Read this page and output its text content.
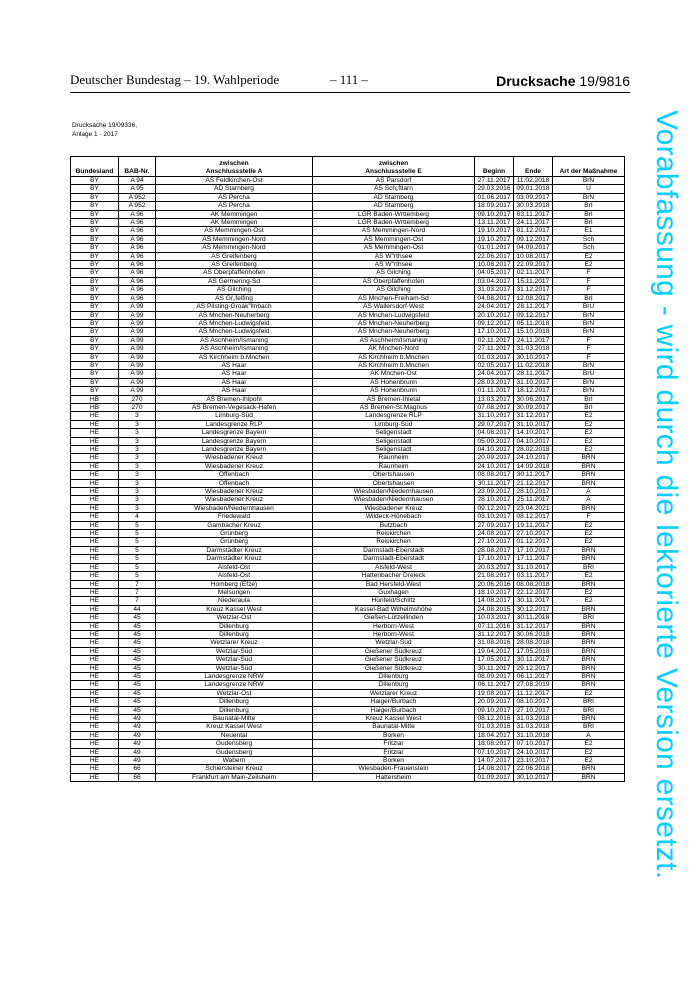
Deutscher Bundestag – 19. Wahlperiode	– 111 –	Drucksache 19/9816
Drucksache 19/09336,
Anlage 1 - 2017
Bundesland	BAB-Nr.	zwischen
Anschlussstelle A	zwischen
Anschlussstelle E	Beginn	Ende	Art der Maßnahme
BY	A 94	AS Feldkirchen-Ost	AS Parsdorf	27.11.2017	11.02.2018	BrN
BY	A 95	AD Starnberg	AS Sch„ftlarn	29.03.2016	09.01.2018	U
BY	A 952	AS Percha	AD Starnberg	01.06.2017	03.09.2017	BrN
BY	A 952	AS Percha	AD Starnberg	18.09.2017	30.03.2018	BrI
BY	A 96	AK Memmingen	LGR Baden-Wrttemberg	09.10.2017	03.11.2017	BrI
BY	A 96	AK Memmingen	LGR Baden-Wrttemberg	13.11.2017	24.11.2017	BrI
BY	A 96	AS Memmingen-Ost	AS Memmingen-Nord	19.10.2017	01.12.2017	E1
BY	A 96	AS Memmingen-Nord	AS Memmingen-Ost	19.10.2017	09.12.2017	Sch
BY	A 96	AS Memmingen-Nord	AS Memmingen-Ost	01.01.2017	04.09.2017	Sch
BY	A 96	AS Greifenberg	AS W"rthsee	22.06.2017	10.08.2017	E2
BY	A 96	AS Greifenberg	AS W"rthsee	10.08.2017	22.09.2017	E2
BY	A 96	AS Oberpfaffenhofen	AS Gilching	04.05.2017	02.11.2017	F
BY	A 96	AS Germering-Sd	AS Oberpfaffenhofen	03.04.2017	15.11.2017	F
BY	A 96	AS Gilching	AS Gilching	31.03.2017	31.12.2017	F
BY	A 96	AS Gr„felfing	AS Mnchen-Freiham-Sd	04.08.2017	12.08.2017	BrI
BY	A 99	AS Pilsting-Groák"llnbach	AS Wallersdorf-West	24.04.2017	28.11.2017	BrU
BY	A 99	AS Mnchen-Neuherberg	AS Mnchen-Ludwigsfeld	20.10.2017	09.12.2017	BrN
BY	A 99	AS Mnchen-Ludwigsfeld	AS Mnchen-Neuherberg	09.12.2017	05.11.2018	BrN
BY	A 99	AS Mnchen-Ludwigsfeld	AS Mnchen-Neuherberg	17.10.2017	15.10.2018	BrN
BY	A 99	AS Aschheim/Ismaning	AS Aschheim/Ismaning	02.11.2017	24.11.2017	F
BY	A 99	AS Aschheim/Ismaning	AK Mnchen-Nord	27.11.2017	31.03.2018	F
BY	A 99	AS Kirchheim b.Mnchen	AS Kirchheim b.Mnchen	01.03.2017	30.10.2017	F
BY	A 99	AS Haar	AS Kirchheim b.Mnchen	02.05.2017	11.02.2018	BrN
BY	A 99	AS Haar	AK Mnchen-Ost	24.04.2017	28.11.2017	BrU
BY	A 99	AS Haar	AS Hohenbrunn	28.03.2017	31.10.2017	BrN
BY	A 99	AS Haar	AS Hohenbrunn	01.11.2017	18.12.2017	BrN
HB	270	AS Bremen-Ihlpohl	AS Bremen-Ihletal	13.03.2017	30.06.2017	BrI
HB	270	AS Bremen-Vegesack-Hafen	AS Bremen-St.Magnus	07.08.2017	30.09.2017	BrI
HE	3	Limburg-Süd	Landesgrenze RLP	31.10.2017	31.12.2017	E2
HE	3	Landesgrenze RLP	Limburg-Süd	29.07.2017	31.10.2017	E2
HE	3	Landesgrenze Bayern	Seligenstadt	04.08.2017	14.10.2017	E2
HE	3	Landesgrenze Bayern	Seligenstadt	05.09.2017	04.10.2017	E2
HE	3	Landesgrenze Bayern	Seligenstadt	04.10.2017	28.02.2018	E2
HE	3	Wiesbadener Kreuz	Raunheim	20.09.2017	24.10.2017	BRN
HE	3	Wiesbadener Kreuz	Raunheim	24.10.2017	14.09.2018	BRN
HE	3	Offenbach	Obertshausen	08.08.2017	30.11.2017	BRN
HE	3	Offenbach	Obertshausen	30.11.2017	21.12.2017	BRN
HE	3	Wiesbadener Kreuz	Wiesbaden/Niedernhausen	23.09.2017	28.10.2017	A
HE	3	Wiesbadener Kreuz	Wiesbaden/Niedernhausen	28.10.2017	25.11.2017	A
HE	3	Wiesbaden/Niedernhausen	Wiesbadener Kreuz	09.12.2017	23.04.2021	BRN
HE	4	Friedewald	Wildeck-Hönebach	03.10.2017	08.12.2017	F
HE	5	Gambacher Kreuz	Butzbach	27.09.2017	19.11.2017	E2
HE	5	Grünberg	Reiskirchen	24.08.2017	27.10.2017	E2
HE	5	Grünberg	Reiskirchen	27.10.2017	01.12.2017	E2
HE	5	Darmstädter Kreuz	Darmstadt-Eberstadt	28.08.2017	17.10.2017	BRN
HE	5	Darmstädter Kreuz	Darmstadt-Eberstadt	17.10.2017	17.11.2017	BRN
HE	5	Alsfeld-Ost	Alsfeld-West	20.03.2017	31.10.2017	BRI
HE	5	Alsfeld-Ost	Hattenbacher Dreieck	21.08.2017	03.11.2017	E2
HE	7	Homberg (Efze)	Bad Hersfeld-West	20.06.2016	08.08.2018	BRN
HE	7	Melsungen	Guxhagen	18.10.2017	22.12.2017	E2
HE	7	Niederaula	Hünfeld/Schlitz	14.08.2017	30.11.2017	E2
HE	44	Kreuz Kassel West	Kassel-Bad Wilhelmshöhe	24.08.2015	30.12.2017	BRN
HE	45	Wetzlar-Ost	Gießen-Lützellinden	10.03.2017	30.11.2018	BRI
HE	45	Dillenburg	Herborn-West	07.11.2016	31.12.2017	BRN
HE	45	Dillenburg	Herborn-West	31.12.2017	30.06.2018	BRN
HE	45	Wetzlarer Kreuz	Wetzlar-Süd	31.08.2016	28.08.2018	BRN
HE	45	Wetzlar-Süd	Gießener Südkreuz	19.04.2017	17.05.2018	BRN
HE	45	Wetzlar-Süd	Gießener Südkreuz	17.05.2017	30.11.2017	BRN
HE	45	Wetzlar-Süd	Gießener Südkreuz	30.11.2017	29.12.2017	BRN
HE	45	Landesgrenze NRW	Dillenburg	08.09.2017	06.11.2017	BRN
HE	45	Landesgrenze NRW	Dillenburg	06.11.2017	27.08.2019	BRN
HE	45	Wetzlar-Ost	Wetzlarer Kreuz	19.08.2017	11.12.2017	E2
HE	45	Dillenburg	Haiger/Burbach	20.09.2017	08.10.2017	BRI
HE	45	Dillenburg	Haiger/Burbach	09.10.2017	27.10.2017	BRI
HE	49	Baunatal-Mitte	Kreuz Kassel West	08.12.2016	31.03.2018	BRN
HE	49	Kreuz Kassel West	Baunatal-Mitte	01.03.2016	31.03.2018	BRI
HE	49	Neuental	Borken	18.04.2017	31.10.2018	A
HE	49	Gudensberg	Fritzlar	18.08.2017	07.10.2017	E2
HE	49	Gudensberg	Fritzlar	07.10.2017	24.10.2017	E2
HE	49	Wabern	Borken	14.07.2017	23.10.2017	E2
HE	66	Schiersteiner Kreuz	Wiesbaden-Frauenstein	14.08.2017	22.06.2018	BRN
HE	66	Frankfurt am Main-Zeilsheim	Hattersheim	01.09.2017	30.10.2017	BRN Vorabfassung - wird durch die lektorierte Version ersetzt.
